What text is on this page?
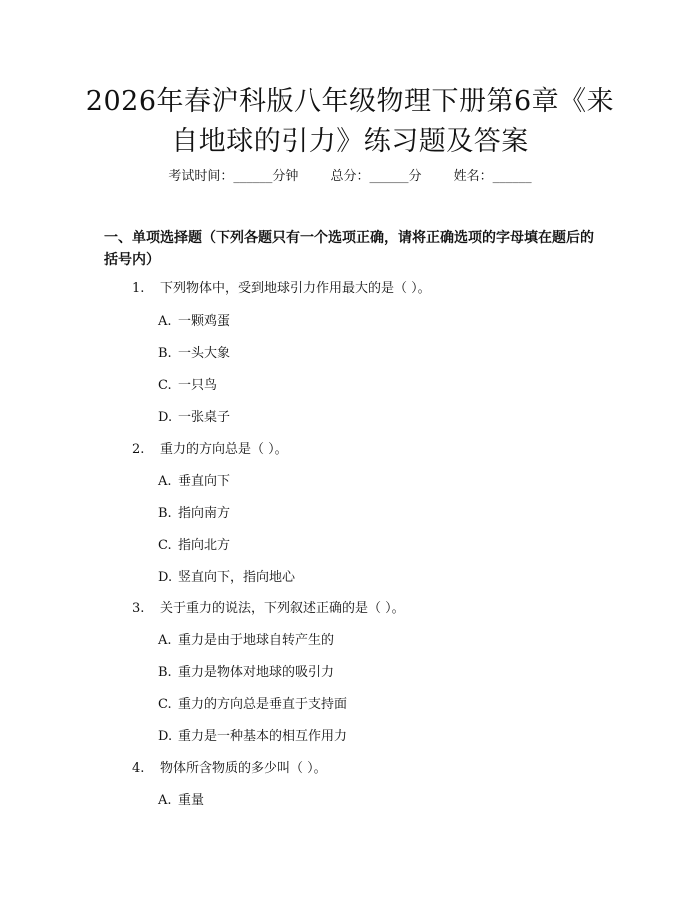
2026年春沪科版八年级物理下册第6章《来
自地球的引力》练习题及答案
考试时间：______分钟 总分：______分 姓名：______
一、单项选择题（下列各题只有一个选项正确，请将正确选项的字母填在题后的
括号内）
1. 下列物体中，受到地球引力作用最大的是（ ）。
A. 一颗鸡蛋
B. 一头大象
C. 一只鸟
D. 一张桌子
2. 重力的方向总是（ ）。
A. 垂直向下
B. 指向南方
C. 指向北方
D. 竖直向下，指向地心
3. 关于重力的说法，下列叙述正确的是（ ）。
A. 重力是由于地球自转产生的
B. 重力是物体对地球的吸引力
C. 重力的方向总是垂直于支持面
D. 重力是一种基本的相互作用力
4. 物体所含物质的多少叫（ ）。
A. 重量
